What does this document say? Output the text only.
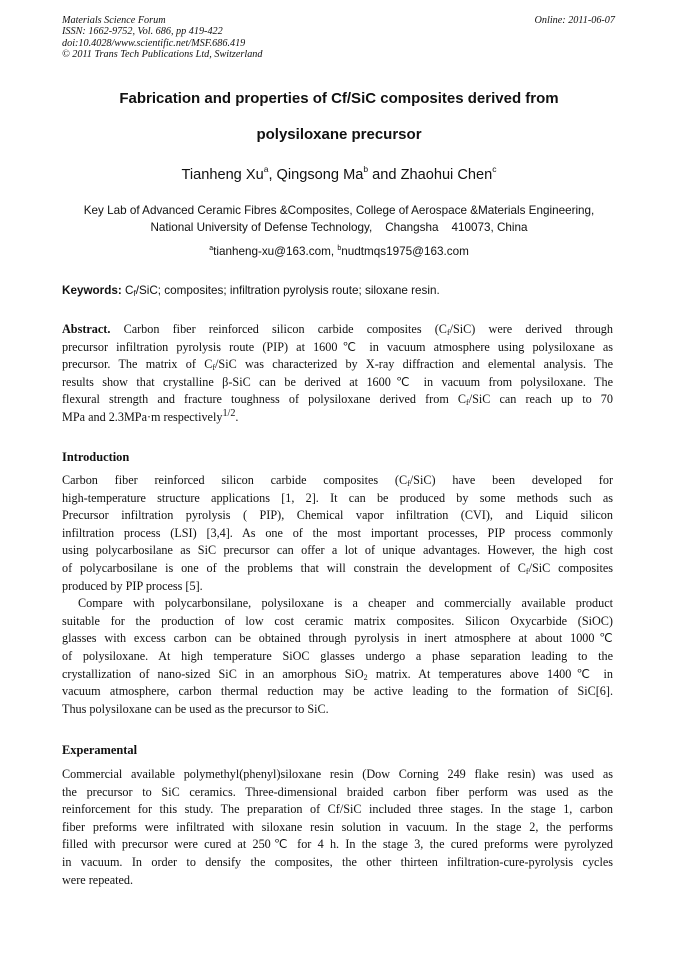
Materials Science Forum
ISSN: 1662-9752, Vol. 686, pp 419-422
doi:10.4028/www.scientific.net/MSF.686.419
© 2011 Trans Tech Publications Ltd, Switzerland
Online: 2011-06-07
Fabrication and properties of Cf/SiC composites derived from
polysiloxane precursor
Tianheng Xu$^a$, Qingsong Ma$^b$ and Zhaohui Chen$^c$
Key Lab of Advanced Ceramic Fibres &Composites, College of Aerospace &Materials Engineering,
National University of Defense Technology,    Changsha    410073, China
$^a$tianheng-xu@163.com, $^b$nudtmqs1975@163.com
Keywords: $C_f$/SiC; composites; infiltration pyrolysis route; siloxane resin.
Abstract. Carbon fiber reinforced silicon carbide composites $(C_f/SiC)$ were derived through
precursor infiltration pyrolysis route (PIP) at 1600℃ in vacuum atmosphere using polysiloxane as
precursor. The matrix of $C_f$/SiC was characterized by X-ray diffraction and elemental analysis. The
results show that crystalline β-SiC can be derived at 1600℃ in vacuum from polysiloxane. The
flexural strength and fracture toughness of polysiloxane derived from $C_f$/SiC can reach up to 70
MPa and 2.3MPa·m respectively$^{1/2}$.
Introduction
Carbon fiber reinforced silicon carbide composites $(C_f/SiC)$ have been developed for
high-temperature structure applications [1, 2]. It can be produced by some methods such as
Precursor infiltration pyrolysis ( PIP), Chemical vapor infiltration (CVI), and Liquid silicon
infiltration process (LSI) [3,4]. As one of the most important processes, PIP process commonly
using polycarbosilane as SiC precursor can offer a lot of unique advantages. However, the high cost
of polycarbosilane is one of the problems that will constrain the development of $C_f$/SiC composites
produced by PIP process [5].
Compare with polycarbonsilane, polysiloxane is a cheaper and commercially available product
suitable for the production of low cost ceramic matrix composites. Silicon Oxycarbide (SiOC)
glasses with excess carbon can be obtained through pyrolysis in inert atmosphere at about 1000℃
of polysiloxane. At high temperature SiOC glasses undergo a phase separation leading to the
crystallization of nano-sized SiC in an amorphous SiO$_2$ matrix. At temperatures above 1400℃ in
vacuum atmosphere, carbon thermal reduction may be active leading to the formation of SiC[6].
Thus polysiloxane can be used as the precursor to SiC.
Experamental
Commercial available polymethyl(phenyl)siloxane resin (Dow Corning 249 flake resin) was used as
the precursor to SiC ceramics. Three-dimensional braided carbon fiber perform was used as the
reinforcement for this study. The preparation of Cf/SiC included three stages. In the stage 1, carbon
fiber preforms were infiltrated with siloxane resin solution in vacuum. In the stage 2, the performs
filled with precursor were cured at 250℃ for 4 h. In the stage 3, the cured preforms were pyrolyzed
in vacuum. In order to densify the composites, the other thirteen infiltration-cure-pyrolysis cycles
were repeated.
